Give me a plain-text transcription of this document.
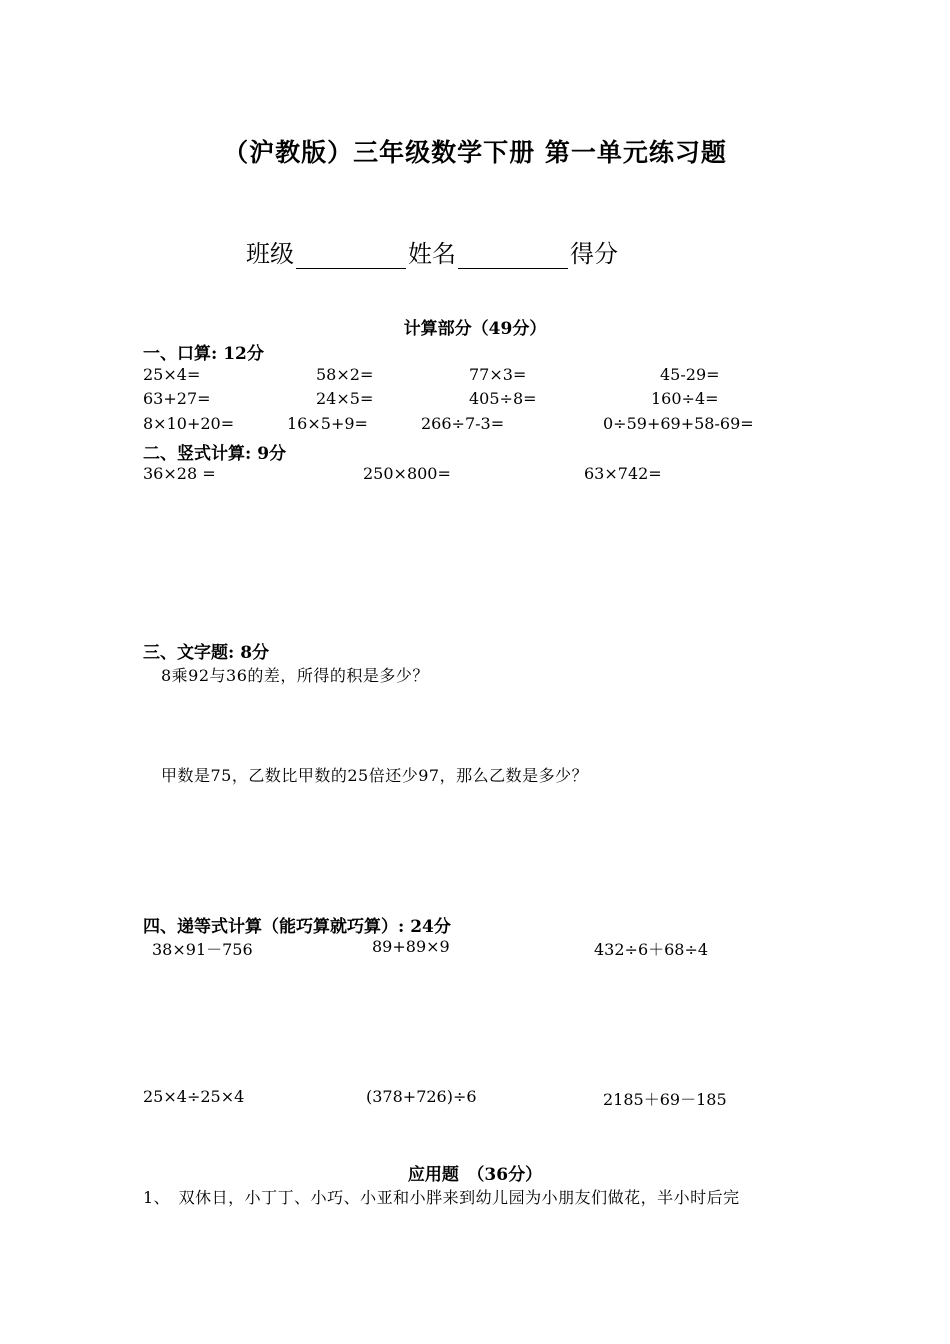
（沪教版）三年级数学下册 第一单元练习题
班级	姓名	得分
计算部分（49分）
一、口算: 12分
25×4=	58×2=	77×3=	45-29=
63+27=	24×5=	405÷8=	160÷4=
8×10+20=	16×5+9=	266÷7-3=	0÷59+69+58-69=
二、竖式计算: 9分
36×28 =	250×800=	63×742=
三、文字题: 8分
8乘92与36的差，所得的积是多少？
甲数是75，乙数比甲数的25倍还少97，那么乙数是多少？
四、递等式计算（能巧算就巧算）: 24分
38×91－756	89+89×9	432÷6＋68÷4
25×4÷25×4	(378+726)÷6	2185＋69－185
应用题　（36分）
1、　双休日，小丁丁、小巧、小亚和小胖来到幼儿园为小朋友们做花，半小时后完
